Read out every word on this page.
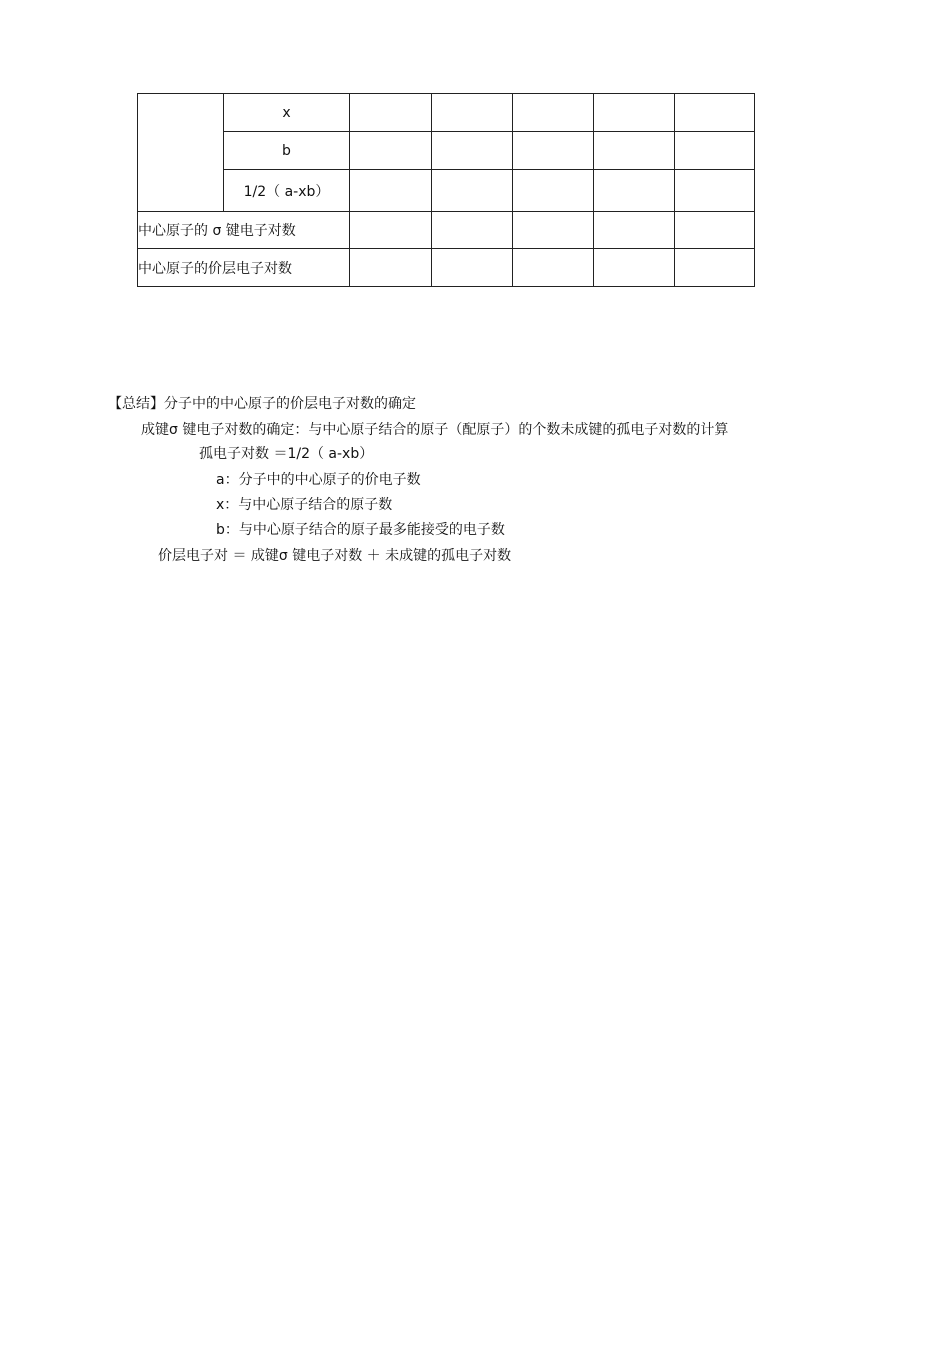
	x					
	b					
	1/2（ a-xb）					
中心原子的 σ 键电子对数						
中心原子的价层电子对数						
【总结】分子中的中心原子的价层电子对数的确定
成键σ 键电子对数的确定：与中心原子结合的原子（配原子）的个数未成键的孤电子对数的计算
孤电子对数 ＝1/2（ a-xb）
a：分子中的中心原子的价电子数
x：与中心原子结合的原子数
b：与中心原子结合的原子最多能接受的电子数
价层电子对 ＝ 成键σ 键电子对数 ＋ 未成键的孤电子对数
